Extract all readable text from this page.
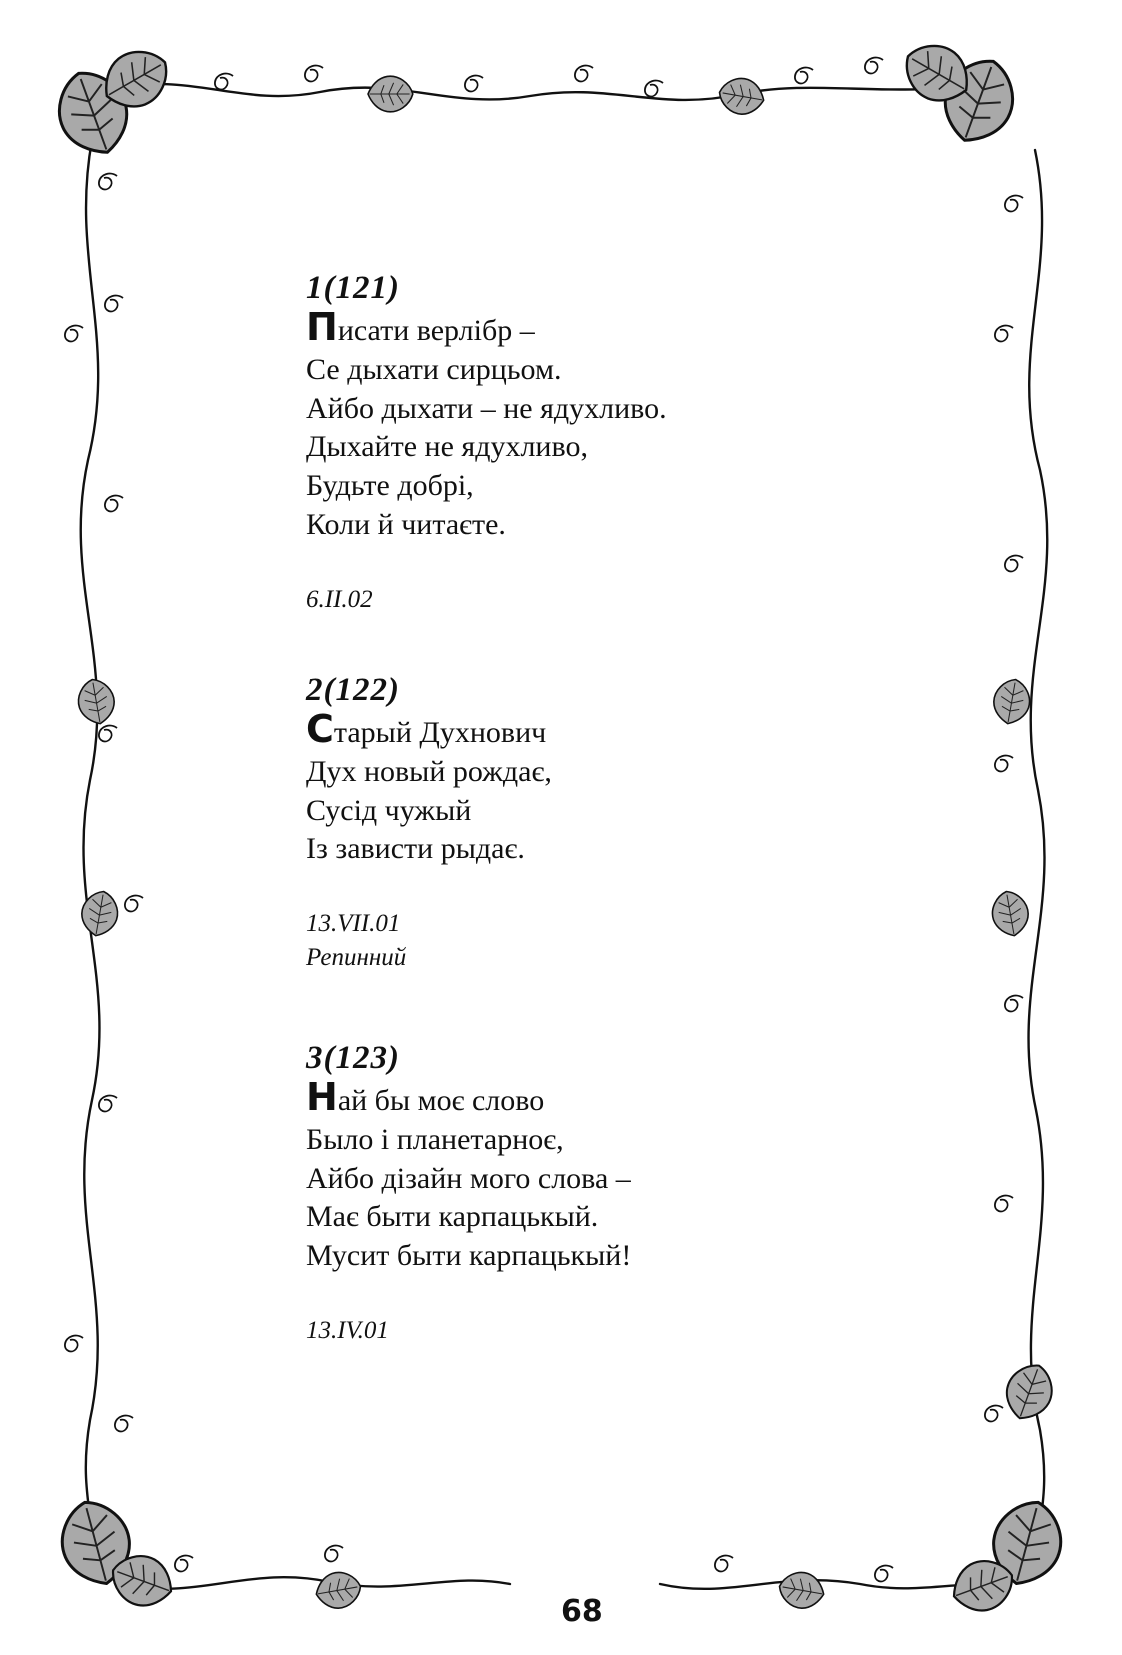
1(121)

Писати верлібр –

Се дыхати сирцьом.

Айбо дыхати – не ядухливо.

Дыхайте не ядухливо,

Будьте добрі,

Коли й читаєте.

6.II.02

2(122)

Старый Духнович

Дух новый рождає,

Сусід чужый

Із зависти рыдає.

13.VII.01

Репинний

3(123)

Най бы моє слово

Было і планетарноє,

Айбо дізайн мого слова –

Має быти карпацькый.

Мусит быти карпацькый!

13.IV.01

68
